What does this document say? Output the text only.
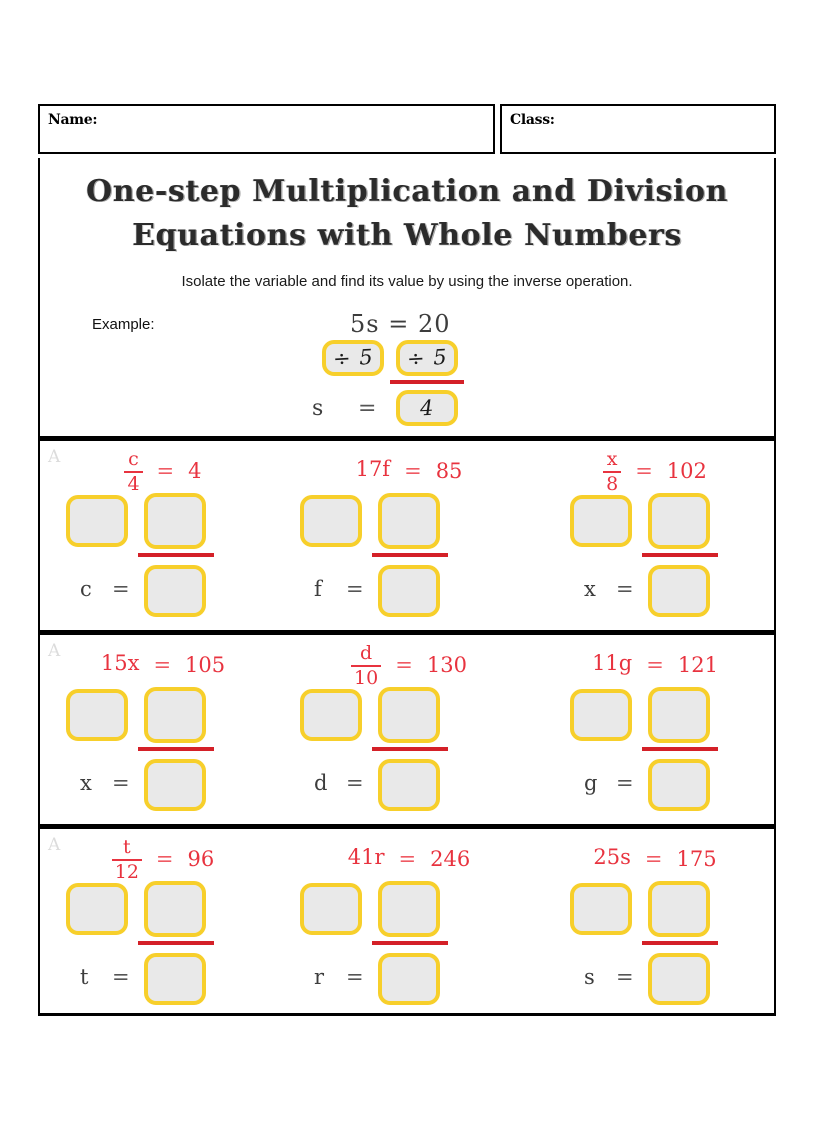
Name:	Class:
One-step Multiplication and Division
Equations with Whole Numbers

Isolate the variable and find its value by using the inverse operation.

Example:	5s = 20
÷ 5 ÷ 5
s = 4
A	$\frac{c}{4} = 4$
c =
17f = 85
f =
$\frac{x}{8} = 102$
x =
A 15x = 105
x =
$\frac{d}{10} = 130$
d =
11g = 121
g =
A	$\frac{t}{12} = 96$
t =
41r = 246
r =
25s = 175
s =
